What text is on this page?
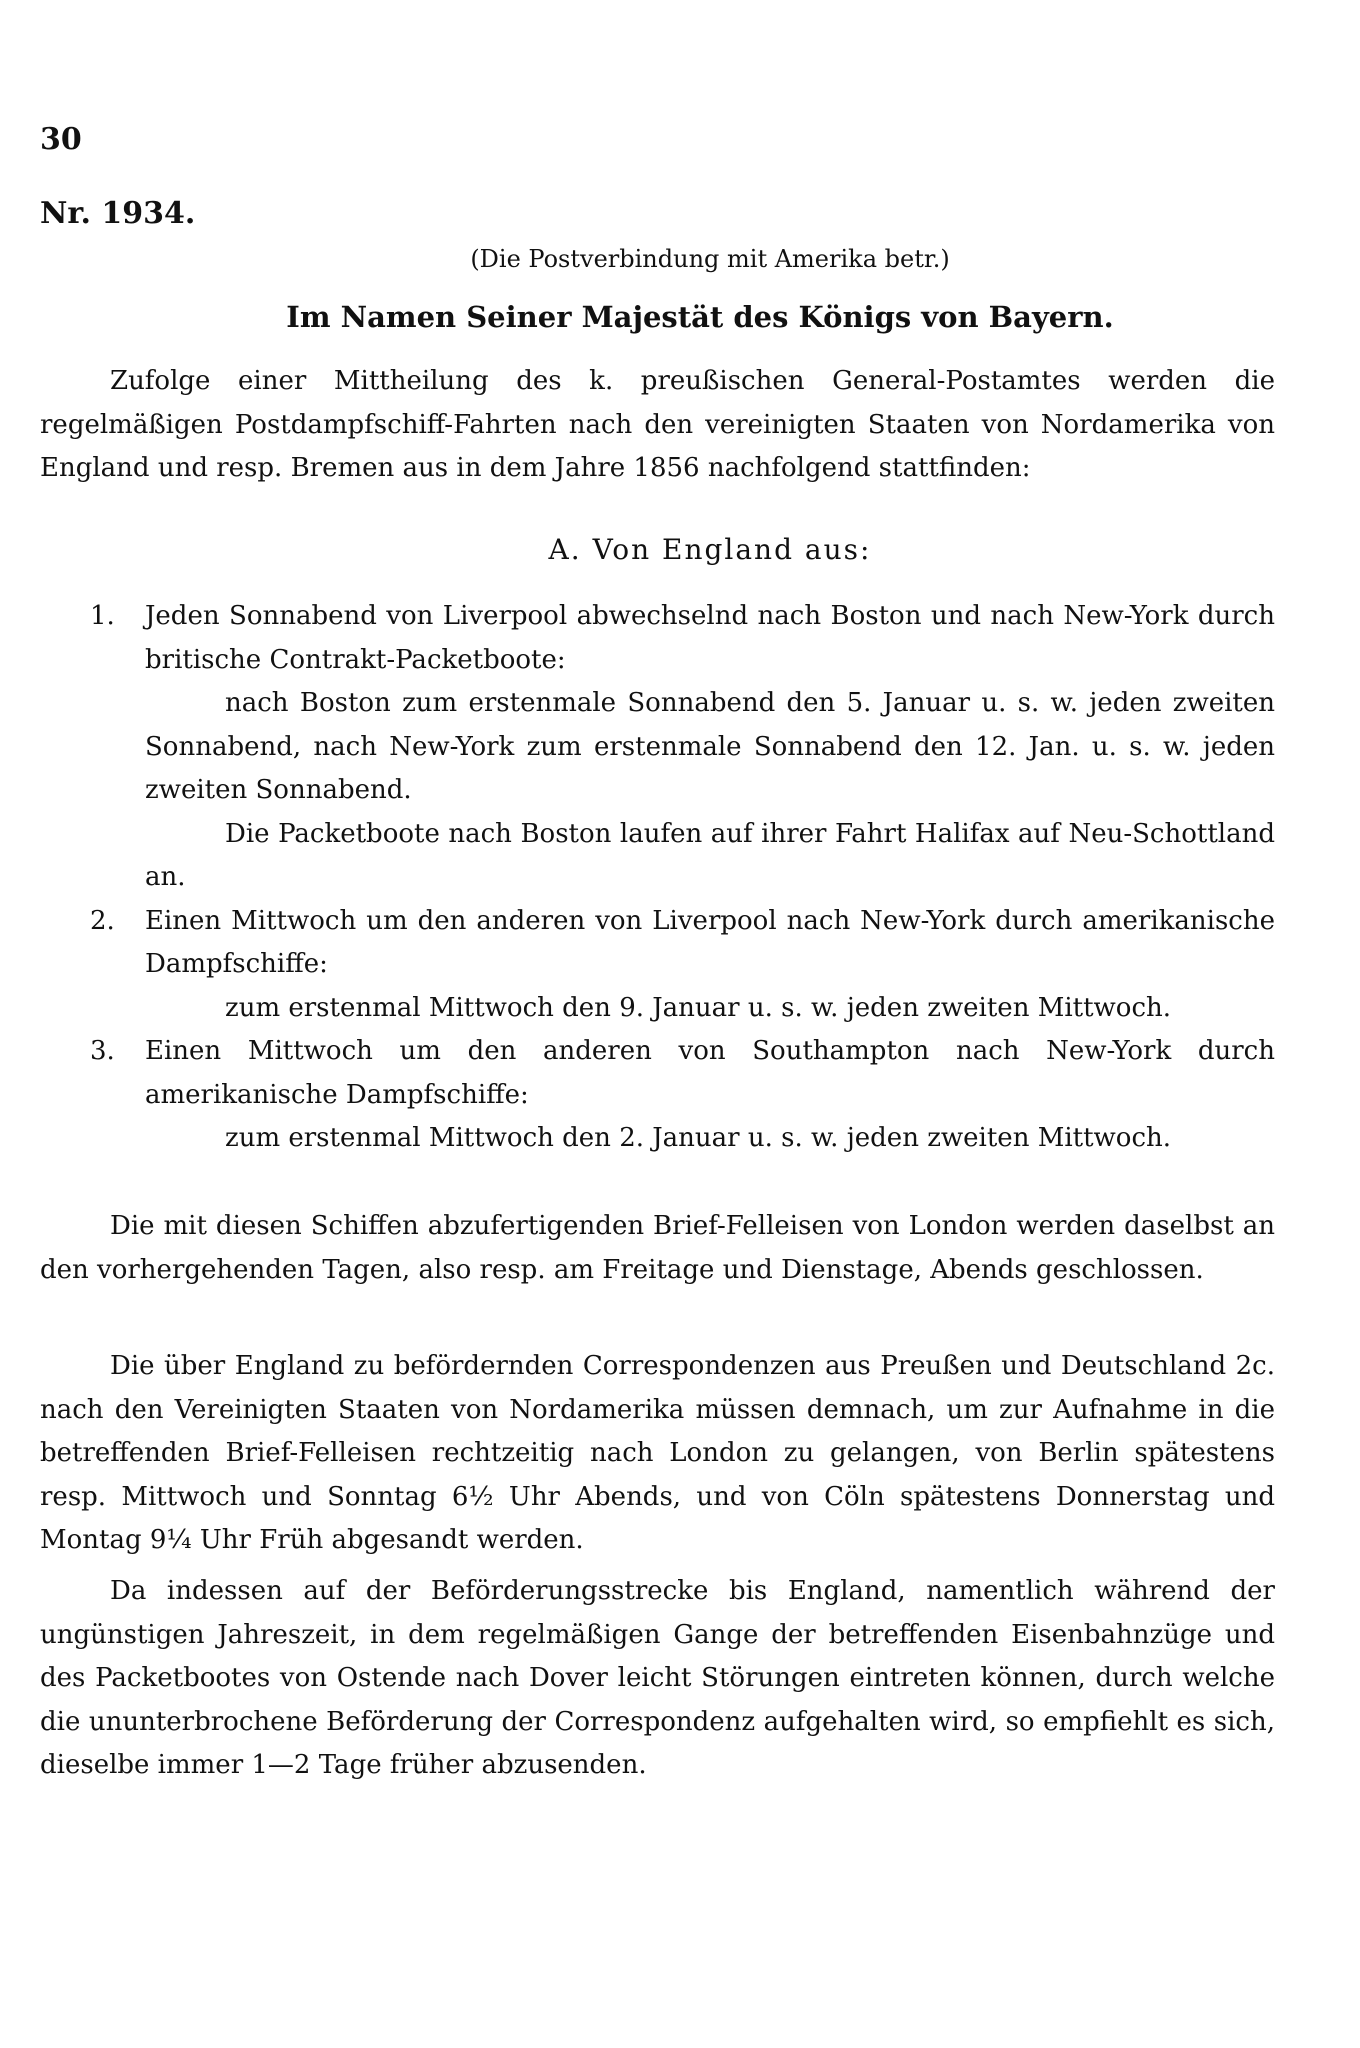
30
Nr. 1934.
(Die Postverbindung mit Amerika betr.)
Im Namen Seiner Majestät des Königs von Bayern.

Zufolge einer Mittheilung des k. preußischen General-Postamtes werden die regelmäßigen Postdampfschiff-Fahrten nach den vereinigten Staaten von Nordamerika von England und resp. Bremen aus in dem Jahre 1856 nachfolgend stattfinden:

A. Von England aus:
1. Jeden Sonnabend von Liverpool abwechselnd nach Boston und nach New-York durch britische Contrakt-Packetboote:
nach Boston zum erstenmale Sonnabend den 5. Januar u. s. w. jeden zweiten Sonnabend, nach New-York zum erstenmale Sonnabend den 12. Jan. u. s. w. jeden zweiten Sonnabend.
Die Packetboote nach Boston laufen auf ihrer Fahrt Halifax auf Neu-Schottland an.
2. Einen Mittwoch um den anderen von Liverpool nach New-York durch amerikanische Dampfschiffe:
zum erstenmal Mittwoch den 9. Januar u. s. w. jeden zweiten Mittwoch.
3. Einen Mittwoch um den anderen von Southampton nach New-York durch amerikanische Dampfschiffe:
zum erstenmal Mittwoch den 2. Januar u. s. w. jeden zweiten Mittwoch.

Die mit diesen Schiffen abzufertigenden Brief-Felleisen von London werden daselbst an den vorhergehenden Tagen, also resp. am Freitage und Dienstage, Abends geschlossen.

Die über England zu befördernden Correspondenzen aus Preußen und Deutschland 2c. nach den Vereinigten Staaten von Nordamerika müssen demnach, um zur Aufnahme in die betreffenden Brief-Felleisen rechtzeitig nach London zu gelangen, von Berlin spätestens resp. Mittwoch und Sonntag 6½ Uhr Abends, und von Cöln spätestens Donnerstag und Montag 9¼ Uhr Früh abgesandt werden.

Da indessen auf der Beförderungsstrecke bis England, namentlich während der ungünstigen Jahreszeit, in dem regelmäßigen Gange der betreffenden Eisenbahnzüge und des Packetbootes von Ostende nach Dover leicht Störungen eintreten können, durch welche die ununterbrochene Beförderung der Correspondenz aufgehalten wird, so empfiehlt es sich, dieselbe immer 1—2 Tage früher abzusenden.
